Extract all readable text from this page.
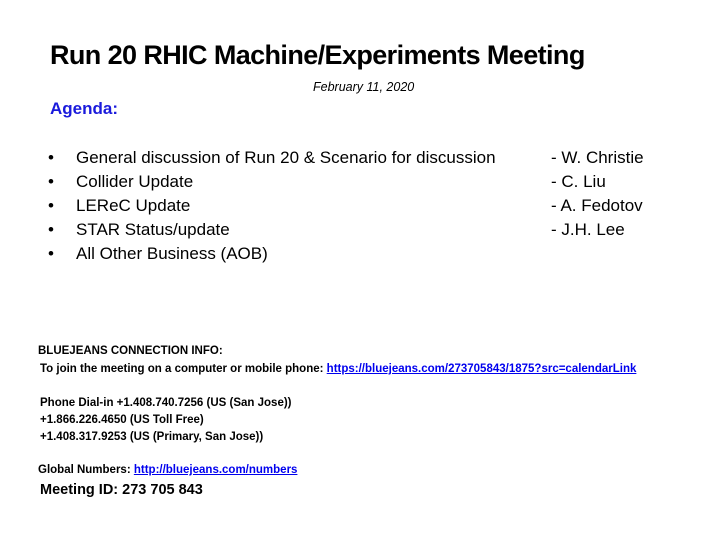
Run 20 RHIC Machine/Experiments Meeting
February 11, 2020
Agenda:
• General discussion of Run 20 & Scenario for discussion	- W. Christie
• Collider Update	- C. Liu
• LEReC Update	- A. Fedotov
• STAR Status/update	- J.H. Lee
• All Other Business (AOB)
BLUEJEANS CONNECTION INFO:
To join the meeting on a computer or mobile phone: https://bluejeans.com/273705843/1875?src=calendarLink
Phone Dial-in +1.408.740.7256 (US (San Jose))
+1.866.226.4650 (US Toll Free)
+1.408.317.9253 (US (Primary, San Jose))
Global Numbers: http://bluejeans.com/numbers
Meeting ID: 273 705 843
